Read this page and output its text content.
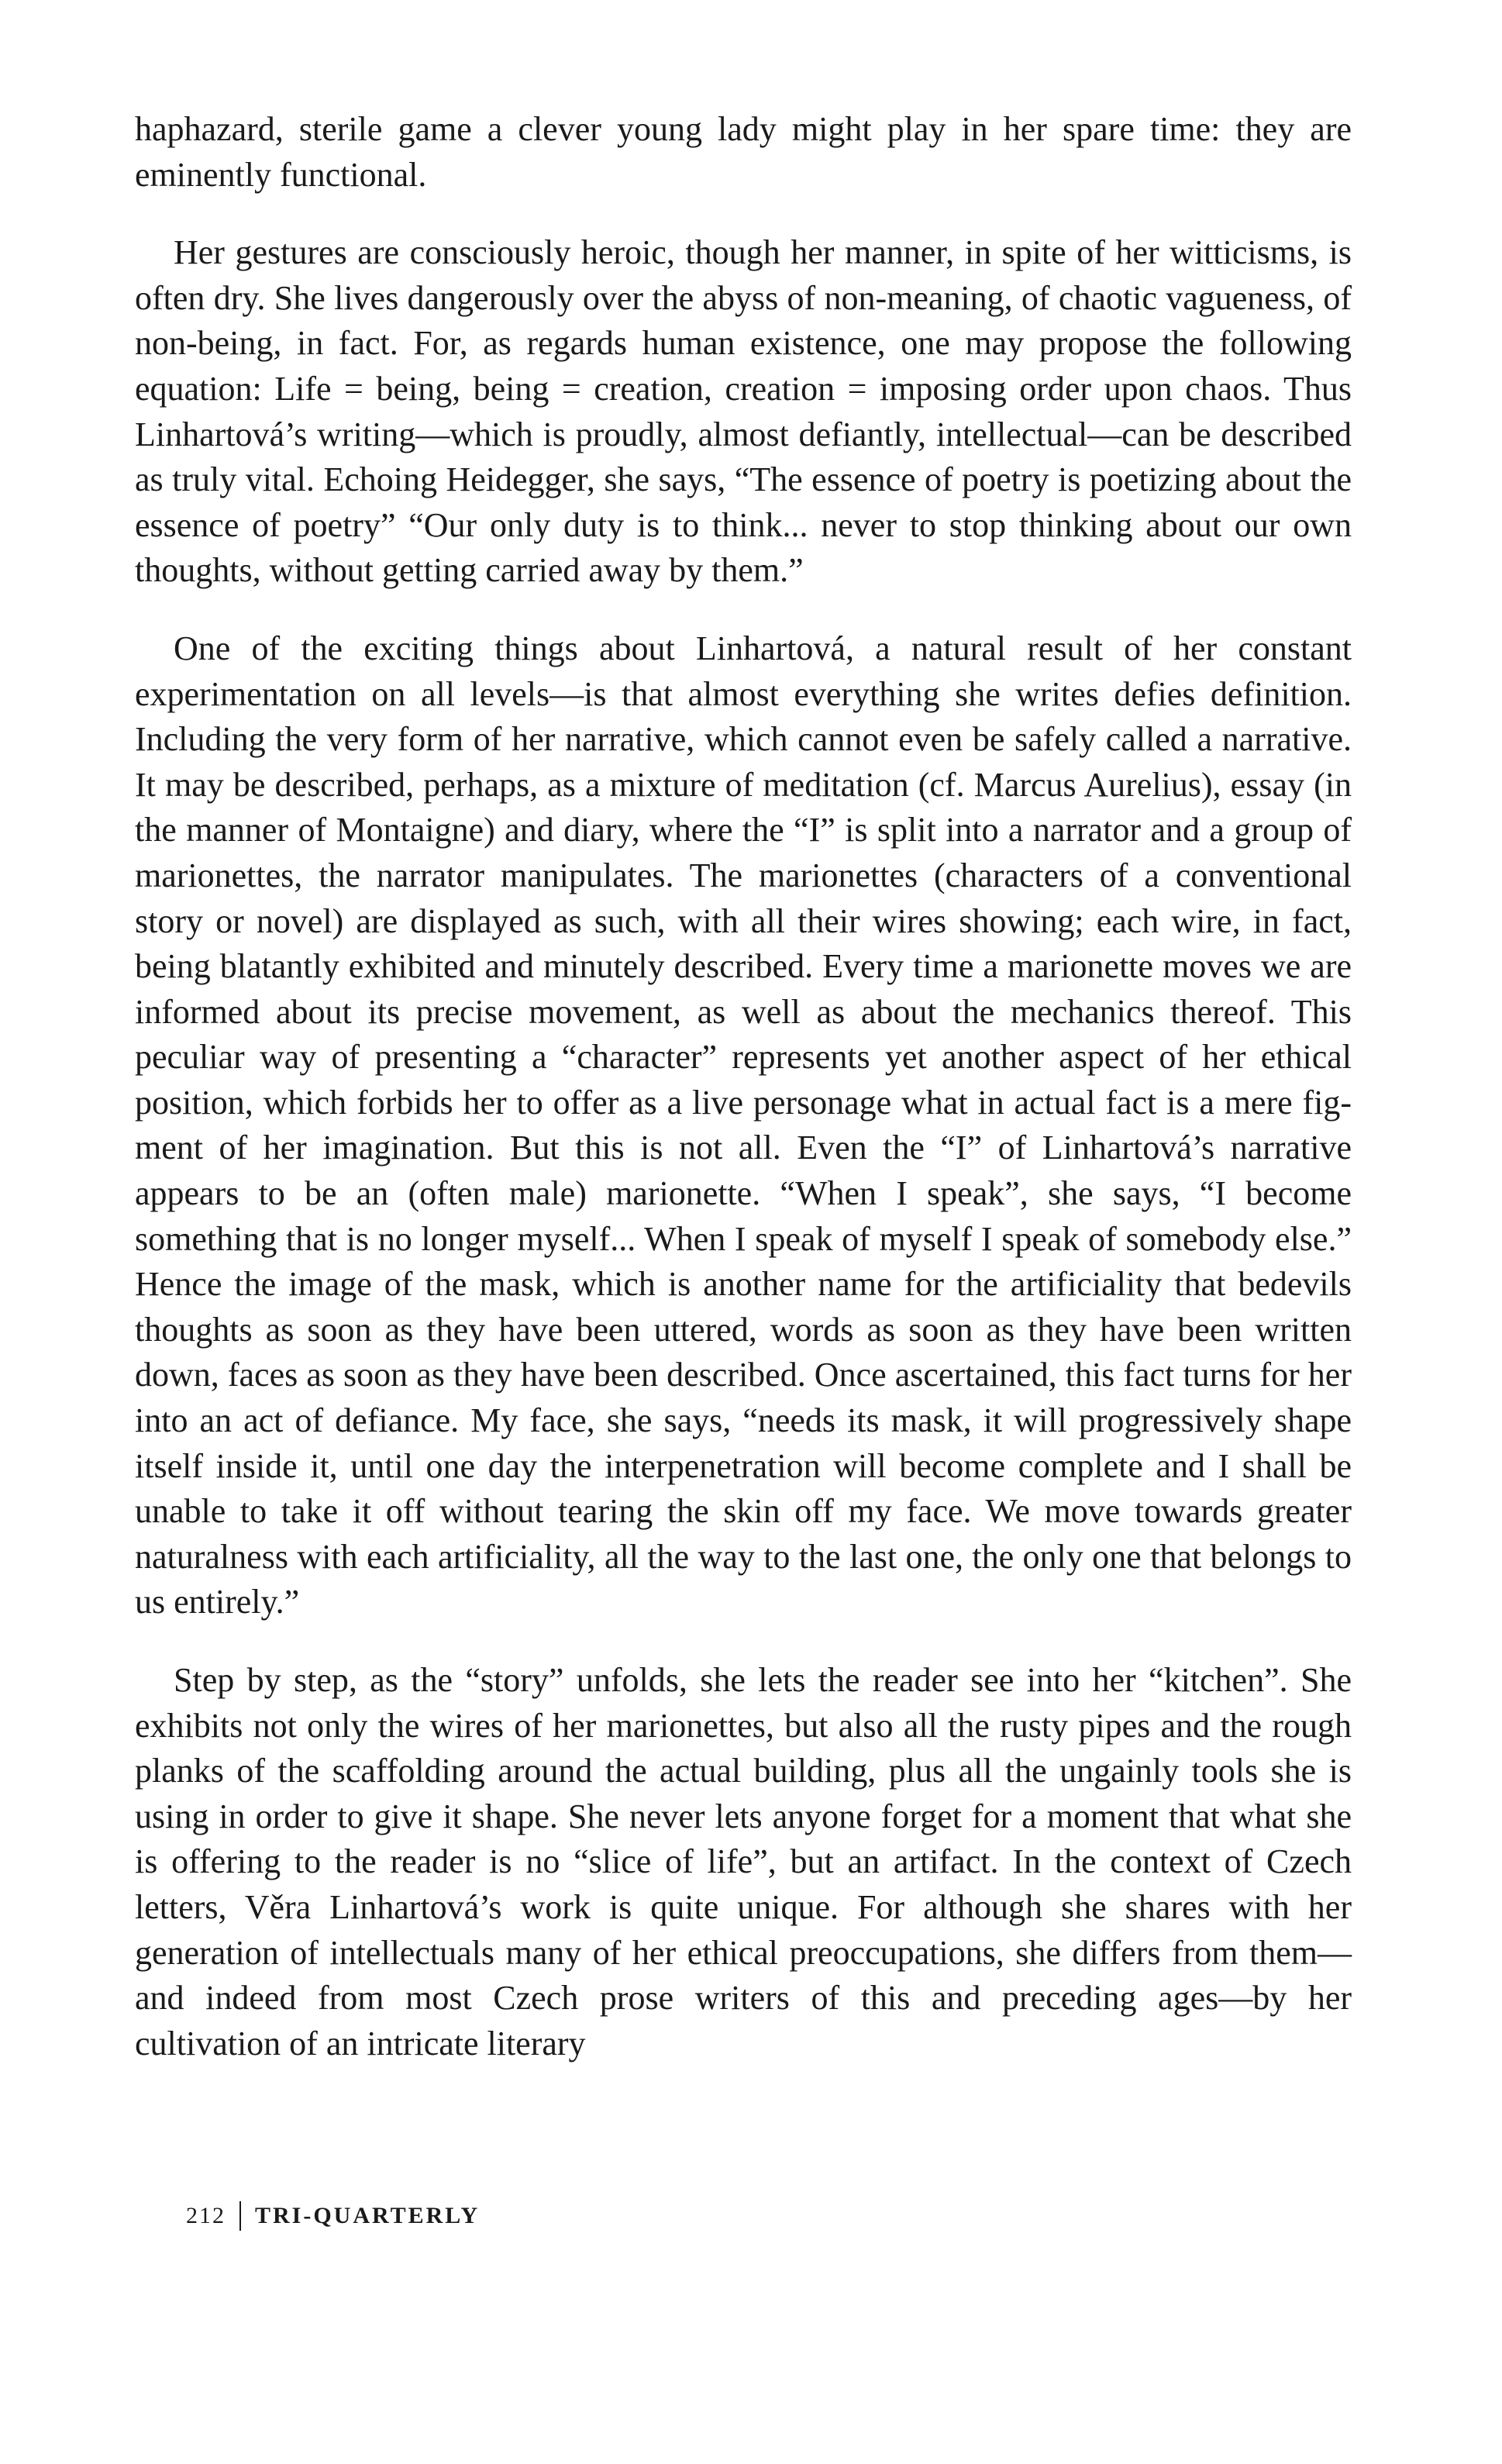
haphazard, sterile game a clever young lady might play in her spare time: they are eminently functional.

Her gestures are consciously heroic, though her manner, in spite of her witticisms, is often dry. She lives dangerously over the abyss of non-meaning, of chaotic vagueness, of non-being, in fact. For, as regards human existence, one may propose the following equation: Life = being, being = creation, creation = imposing order upon chaos. Thus Linhartová’s writing—which is proudly, almost defiantly, intellectual—can be described as truly vital. Echoing Heidegger, she says, “The essence of poetry is poetizing about the essence of poetry” “Our only duty is to think... never to stop thinking about our own thoughts, without getting carried away by them.”

One of the exciting things about Linhartová, a natural result of her constant experimentation on all levels—is that almost everything she writes defies definition. Including the very form of her narrative, which cannot even be safely called a narrative. It may be described, perhaps, as a mixture of meditation (cf. Marcus Aurelius), essay (in the manner of Montaigne) and diary, where the “I” is split into a narrator and a group of marionettes, the narrator manipulates. The marionettes (characters of a conventional story or novel) are displayed as such, with all their wires showing; each wire, in fact, being blatantly exhibited and minutely described. Every time a marionette moves we are informed about its precise movement, as well as about the mechanics thereof. This peculiar way of presenting a “character” represents yet another aspect of her ethical position, which forbids her to offer as a live personage what in actual fact is a mere figment of her imagination. But this is not all. Even the “I” of Linhartová’s narrative appears to be an (often male) marionette. “When I speak”, she says, “I become something that is no longer myself... When I speak of myself I speak of somebody else.” Hence the image of the mask, which is another name for the artificiality that bedevils thoughts as soon as they have been uttered, words as soon as they have been written down, faces as soon as they have been described. Once ascertained, this fact turns for her into an act of defiance. My face, she says, “needs its mask, it will progressively shape itself inside it, until one day the interpenetration will become complete and I shall be unable to take it off without tearing the skin off my face. We move towards greater naturalness with each artificiality, all the way to the last one, the only one that belongs to us entirely.”

Step by step, as the “story” unfolds, she lets the reader see into her “kitchen”. She exhibits not only the wires of her marionettes, but also all the rusty pipes and the rough planks of the scaffolding around the actual building, plus all the ungainly tools she is using in order to give it shape. She never lets anyone forget for a moment that what she is offering to the reader is no “slice of life”, but an artifact. In the context of Czech letters, Věra Linhartová’s work is quite unique. For although she shares with her generation of intellectuals many of her ethical preoccupations, she differs from them—and indeed from most Czech prose writers of this and preceding ages—by her cultivation of an intricate literary

212 TRI-QUARTERLY
